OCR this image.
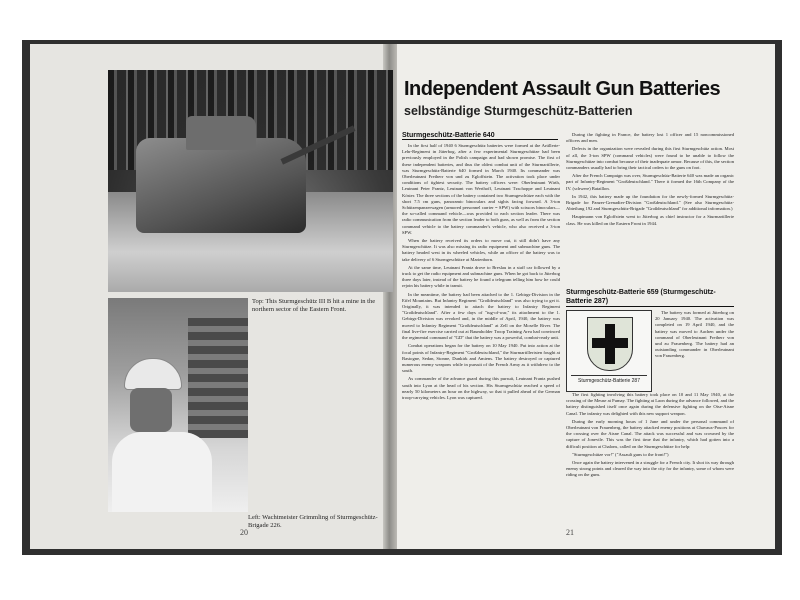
Top: This Sturmgeschütz III B hit a mine in the northern sector of the Eastern Front.
Left: Wachtmeister Grimmling of Sturmgeschütz-Brigade 226.
20
Independent Assault Gun Batteries
selbständige Sturmgeschütz-Batterien
Sturmgeschütz-Batterie 640

In the first half of 1940 6 Sturmgeschütz batteries were formed at the Artillerie-Lehr-Regiment in Jüterbog, after a few experimental Sturmgeschütze had been previously employed in the Polish campaign and had shown promise. The first of these independent batteries, and thus the oldest combat unit of the Sturmartillerie, was Sturmgeschütz-Batterie 640 formed in March 1940. Its commander was Oberleutnant Freiherr von und zu Egloffstein. The activation took place under conditions of tightest security. The battery officers were: Oberleutnant Wirth, Leutnant Peter Frantz, Leutnant von Werthoff, Leutnant Tzschoppe and Leutnant Köster. The three sections of the battery contained two Sturmgeschütze each with the short 7.5 cm guns, panoramic binoculars and sights facing forward. A 3-ton Schützenpanzerwagen (armored personnel carrier = SPW) with scissors binoculars—the so-called command vehicle—was provided to each section leader. There was radio communication from the section leader to both guns, as well as from the section command vehicle to the battery commander's vehicle, who also received a 3-ton SPW.

When the battery received its orders to move out, it still didn't have any Sturmgeschütze. It was also missing its radio equipment and submachine guns. The battery headed west in its wheeled vehicles, while an officer of the battery was to take delivery of 6 Sturmgeschütze at Marienborn.

At the same time, Leutnant Frantz drove to Breslau in a staff car followed by a truck to get the radio equipment and submachine guns. When he got back to Jüterbog three days later, instead of the battery he found a telegram telling him how he could rejoin his battery while in transit.

In the meantime, the battery had been attached to the 1. Gebirgs-Division in the Eifel Mountains. But Infantry Regiment "Großdeutschland" was also trying to get it. Originally, it was intended to attach the battery to Infantry Regiment "Großdeutschland". After a few days of "tug-of-war," its attachment to the 1. Gebirgs-Division was revoked and, in the middle of April, 1940, the battery was moved to Infantry Regiment "Großdeutschland" at Zell on the Moselle River. The final live-fire exercise carried out at Baumholder Troop Training Area had convinced the regimental command of "GD" that the battery was a powerful, combat-ready unit.

Combat operations began for the battery on 10 May 1940. Put into action at the focal points of Infantry-Regiment "Großdeutschland," the Sturmartilleristen fought at Bastogne, Sedan, Stonne, Dunkirk and Amiens. The battery destroyed or captured numerous enemy weapons while in pursuit of the French Army as it withdrew to the south.

As commander of the advance guard during this pursuit, Leutnant Frantz pushed south into Lyon at the head of his section. His Sturmgeschütz reached a speed of nearly 50 kilometers an hour on the highway, so that it pulled ahead of the German troop-carrying vehicles. Lyon was captured.

During the fighting in France, the battery lost 1 officer and 15 noncommissioned officers and men.

Defects in the organization were revealed during this first Sturmgeschütz action. Most of all, the 3-ton SPW (command vehicles) were found to be unable to follow the Sturmgeschütze into combat because of their inadequate armor. Because of this, the section commanders usually had to bring their tactical orders to the guns on foot.

After the French Campaign was over, Sturmgeschütz-Batterie 640 was made an organic part of Infantry-Regiment "Großdeutschland." There it formed the 16th Company of the IV. (schwere) Bataillon.

In 1942, this battery made up the foundation for the newly-formed Sturmgeschütz-Brigade for Panzer-Grenadier-Division "Großdeutschland." (See also Sturmgeschütz-Abteilung 192 and Sturmgeschütz-Brigade "Großdeutschland" for additional information.)

Hauptmann von Egloffstein went to Jüterbog as chief instructor for a Sturmartillerie class. He was killed on the Eastern Front in 1944.

Sturmgeschütz-Batterie 659 (Sturmgeschütz-Batterie 287)
Sturmgeschütz-Batterie 287

The battery was formed at Jüterbog on 20 January 1940. The activation was completed on 19 April 1940, and the battery was moved to Aachen under the command of Oberleutnant Freiherr von und zu Frauenberg. The battery had an outstanding commander in Oberleutnant von Frauenberg.

The first fighting involving this battery took place on 10 and 11 May 1940, at the crossing of the Meuse at Fumay. The fighting at Laon during the advance followed, and the battery distinguished itself once again during the defensive fighting on the Oise-Aisne Canal. The infantry was delighted with this new support weapon.

During the early morning hours of 1 June and under the personal command of Oberleutnant von Frauenberg, the battery attacked enemy positions at Chavaux-Pouces for the crossing over the Aisne Canal. The attack was successful and was crowned by the capture of Jonevile. This was the first time that the infantry, which had gotten into a difficult position at Chalons, called on the Sturmgeschütze for help:

"Sturmgeschütze vor!" ("Assault guns to the front!")

Once again the battery intervened in a struggle for a French city. It shot its way through enemy strong points and cleared the way into the city for the infantry, some of whom were riding on the guns.

21
